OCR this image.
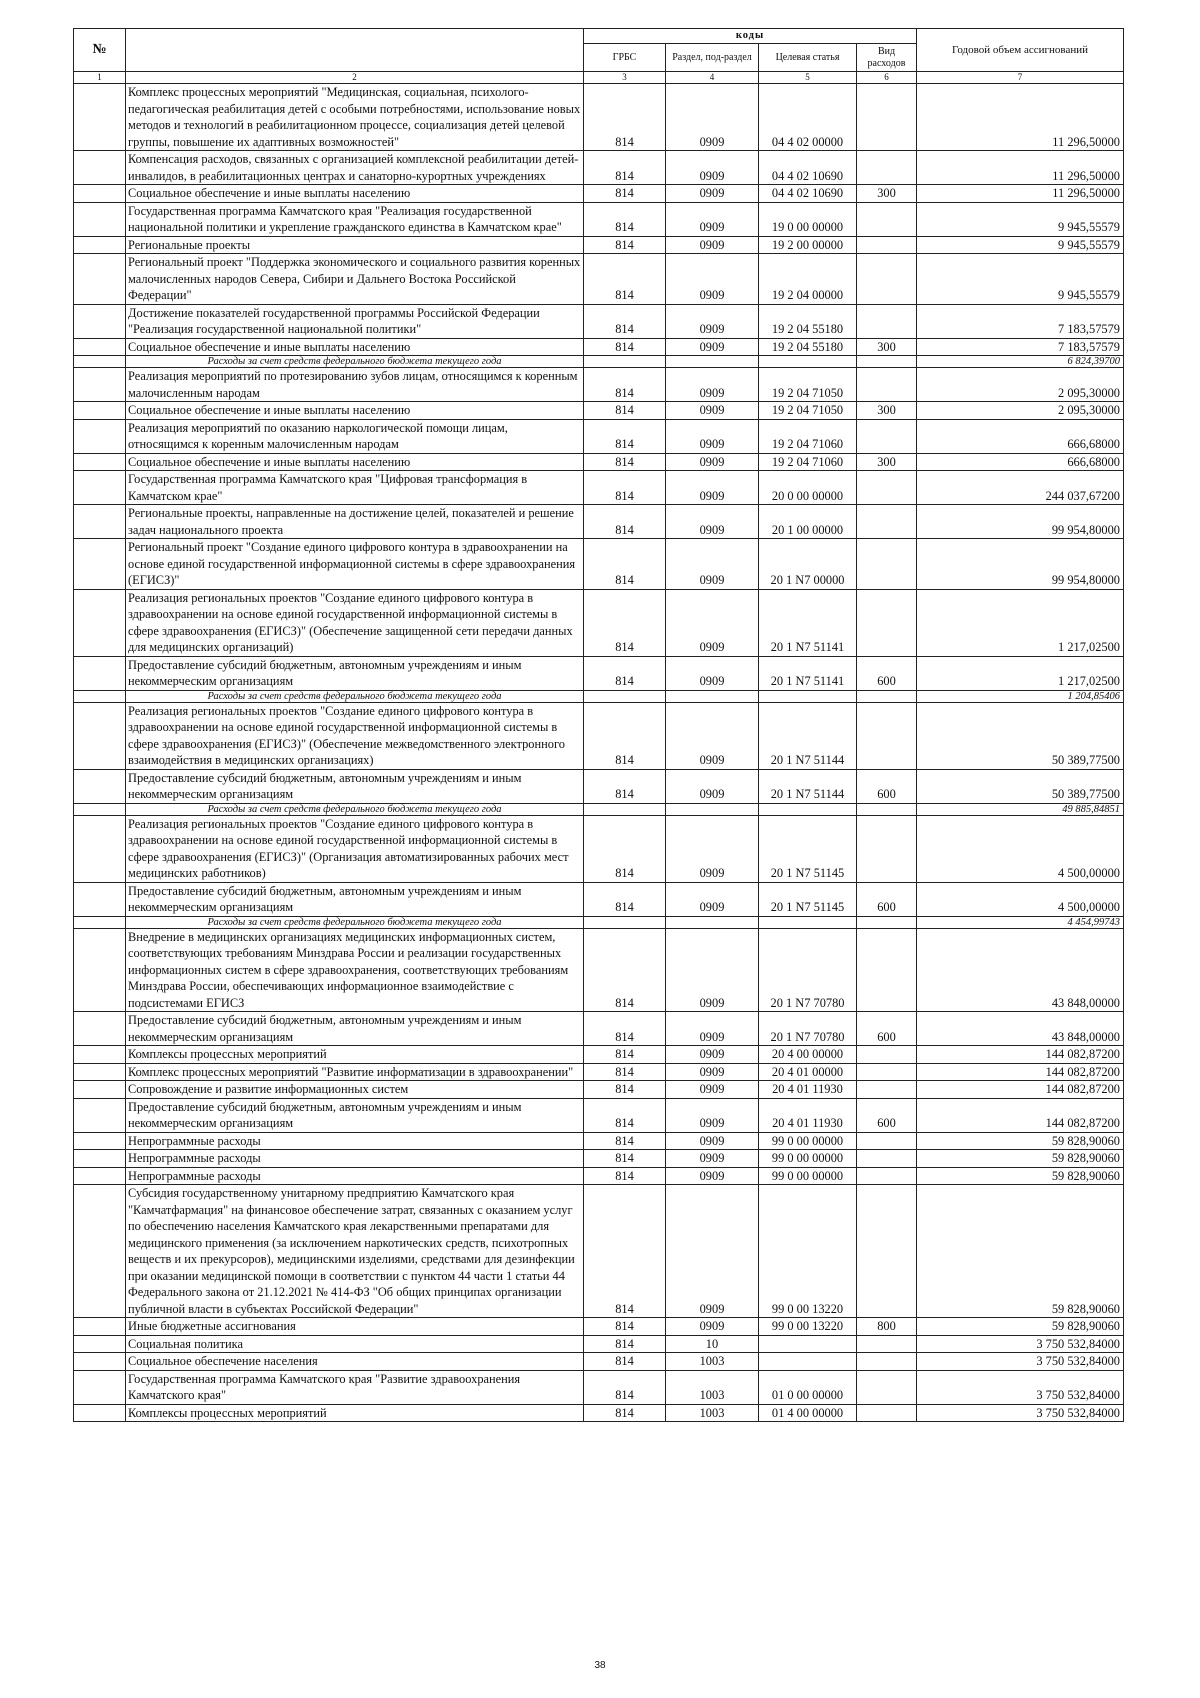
№		коды				Годовой объем ассигнований
		ГРБС	Раздел, под-раздел	Целевая статья	Вид расходов	
1	2	3	4	5	6	7
	Комплекс процессных мероприятий "Медицинская, социальная, психолого-педагогическая реабилитация детей с особыми потребностями, использование новых методов и технологий в реабилитационном процессе, социализация детей целевой группы, повышение их адаптивных возможностей"	814	0909	04 4 02 00000		11 296,50000
	Компенсация расходов, связанных с организацией комплексной реабилитации детей-инвалидов, в реабилитационных центрах и санаторно-курортных учреждениях	814	0909	04 4 02 10690		11 296,50000
	Социальное обеспечение и иные выплаты населению	814	0909	04 4 02 10690	300	11 296,50000
	Государственная программа Камчатского края "Реализация государственной национальной политики и укрепление гражданского единства в Камчатском крае"	814	0909	19 0 00 00000		9 945,55579
	Региональные проекты	814	0909	19 2 00 00000		9 945,55579
	Региональный проект "Поддержка экономического и социального развития коренных малочисленных народов Севера, Сибири и Дальнего Востока Российской Федерации"	814	0909	19 2 04 00000		9 945,55579
	Достижение показателей государственной программы Российской Федерации "Реализация государственной национальной политики"	814	0909	19 2 04 55180		7 183,57579
	Социальное обеспечение и иные выплаты населению	814	0909	19 2 04 55180	300	7 183,57579
	Расходы за счет средств федерального бюджета текущего года					6 824,39700
	Реализация мероприятий по протезированию зубов лицам, относящимся к коренным малочисленным народам	814	0909	19 2 04 71050		2 095,30000
	Социальное обеспечение и иные выплаты населению	814	0909	19 2 04 71050	300	2 095,30000
	Реализация мероприятий по оказанию наркологической помощи лицам, относящимся к коренным малочисленным народам	814	0909	19 2 04 71060		666,68000
	Социальное обеспечение и иные выплаты населению	814	0909	19 2 04 71060	300	666,68000
	Государственная программа Камчатского края "Цифровая трансформация в Камчатском крае"	814	0909	20 0 00 00000		244 037,67200
	Региональные проекты, направленные на достижение целей, показателей и решение задач национального проекта	814	0909	20 1 00 00000		99 954,80000
	Региональный проект "Создание единого цифрового контура в здравоохранении на основе единой государственной информационной системы в сфере здравоохранения (ЕГИСЗ)"	814	0909	20 1 N7 00000		99 954,80000
	Реализация региональных проектов "Создание единого цифрового контура в здравоохранении на основе единой государственной информационной системы в сфере здравоохранения (ЕГИСЗ)" (Обеспечение защищенной сети передачи данных для медицинских организаций)	814	0909	20 1 N7 51141		1 217,02500
	Предоставление субсидий бюджетным, автономным учреждениям и иным некоммерческим организациям	814	0909	20 1 N7 51141	600	1 217,02500
	Расходы за счет средств федерального бюджета текущего года					1 204,85406
	Реализация региональных проектов "Создание единого цифрового контура в здравоохранении на основе единой государственной информационной системы в сфере здравоохранения (ЕГИСЗ)" (Обеспечение межведомственного электронного взаимодействия в медицинских организациях)	814	0909	20 1 N7 51144		50 389,77500
	Предоставление субсидий бюджетным, автономным учреждениям и иным некоммерческим организациям	814	0909	20 1 N7 51144	600	50 389,77500
	Расходы за счет средств федерального бюджета текущего года					49 885,84851
	Реализация региональных проектов "Создание единого цифрового контура в здравоохранении на основе единой государственной информационной системы в сфере здравоохранения (ЕГИСЗ)" (Организация автоматизированных рабочих мест медицинских работников)	814	0909	20 1 N7 51145		4 500,00000
	Предоставление субсидий бюджетным, автономным учреждениям и иным некоммерческим организациям	814	0909	20 1 N7 51145	600	4 500,00000
	Расходы за счет средств федерального бюджета текущего года					4 454,99743
	Внедрение в медицинских организациях медицинских информационных систем, соответствующих требованиям Минздрава России и реализации государственных информационных систем в сфере здравоохранения, соответствующих требованиям Минздрава России, обеспечивающих информационное взаимодействие с подсистемами ЕГИСЗ	814	0909	20 1 N7 70780		43 848,00000
	Предоставление субсидий бюджетным, автономным учреждениям и иным некоммерческим организациям	814	0909	20 1 N7 70780	600	43 848,00000
	Комплексы процессных мероприятий	814	0909	20 4 00 00000		144 082,87200
	Комплекс процессных мероприятий "Развитие информатизации в здравоохранении"	814	0909	20 4 01 00000		144 082,87200
	Сопровождение и развитие информационных систем	814	0909	20 4 01 11930		144 082,87200
	Предоставление субсидий бюджетным, автономным учреждениям и иным некоммерческим организациям	814	0909	20 4 01 11930	600	144 082,87200
	Непрограммные расходы	814	0909	99 0 00 00000		59 828,90060
	Непрограммные расходы	814	0909	99 0 00 00000		59 828,90060
	Непрограммные расходы	814	0909	99 0 00 00000		59 828,90060
	Субсидия государственному унитарному предприятию Камчатского края "Камчатфармация" на финансовое обеспечение затрат, связанных с оказанием услуг по обеспечению населения Камчатского края лекарственными препаратами для медицинского применения (за исключением наркотических средств, психотропных веществ и их прекурсоров), медицинскими изделиями, средствами для дезинфекции при оказании медицинской помощи в соответствии с пунктом 44 части 1 статьи 44 Федерального закона от 21.12.2021 № 414-ФЗ "Об общих принципах организации публичной власти в субъектах Российской Федерации"	814	0909	99 0 00 13220		59 828,90060
	Иные бюджетные ассигнования	814	0909	99 0 00 13220	800	59 828,90060
	Социальная политика	814	10			3 750 532,84000
	Социальное обеспечение населения	814	1003			3 750 532,84000
	Государственная программа Камчатского края "Развитие здравоохранения Камчатского края"	814	1003	01 0 00 00000		3 750 532,84000
	Комплексы процессных мероприятий	814	1003	01 4 00 00000		3 750 532,84000
38
